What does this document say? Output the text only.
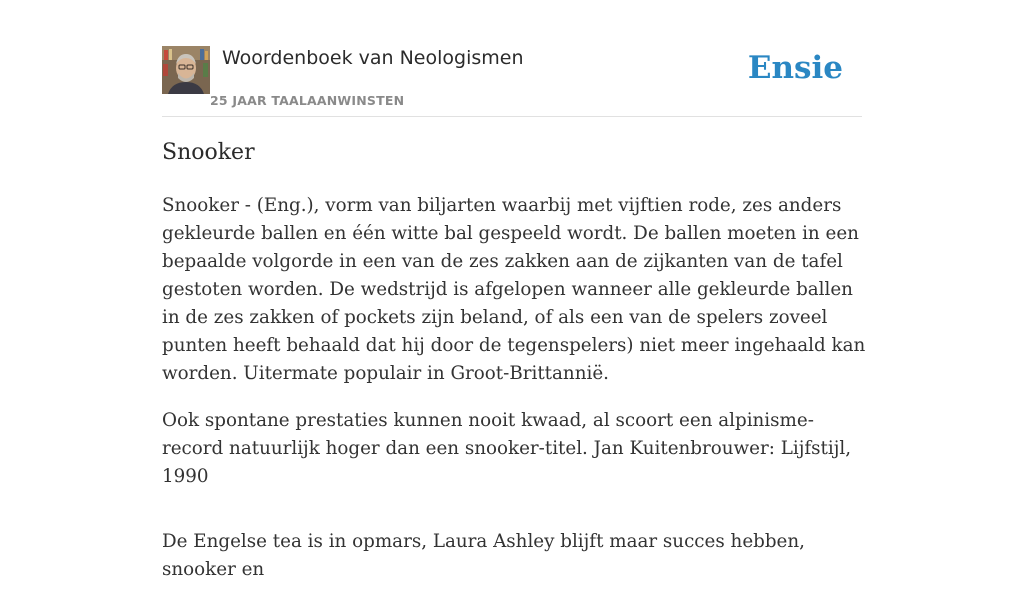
Woordenboek van Neologismen
25 JAAR TAALAANWINSTEN
Ensie
Snooker

Snooker - (Eng.), vorm van biljarten waarbij met vijftien rode, zes anders gekleurde ballen en één witte bal gespeeld wordt. De ballen moeten in een bepaalde volgorde in een van de zes zakken aan de zijkanten van de tafel gestoten worden. De wedstrijd is afgelopen wanneer alle gekleurde ballen in de zes zakken of pockets zijn beland, of als een van de spelers zoveel punten heeft behaald dat hij door de tegenspelers) niet meer ingehaald kan worden. Uitermate populair in Groot-Brittannië.

Ook spontane prestaties kunnen nooit kwaad, al scoort een alpinisme-record natuurlijk hoger dan een snooker-titel. Jan Kuitenbrouwer: Lijfstijl, 1990

De Engelse tea is in opmars, Laura Ashley blijft maar succes hebben, snooker en
